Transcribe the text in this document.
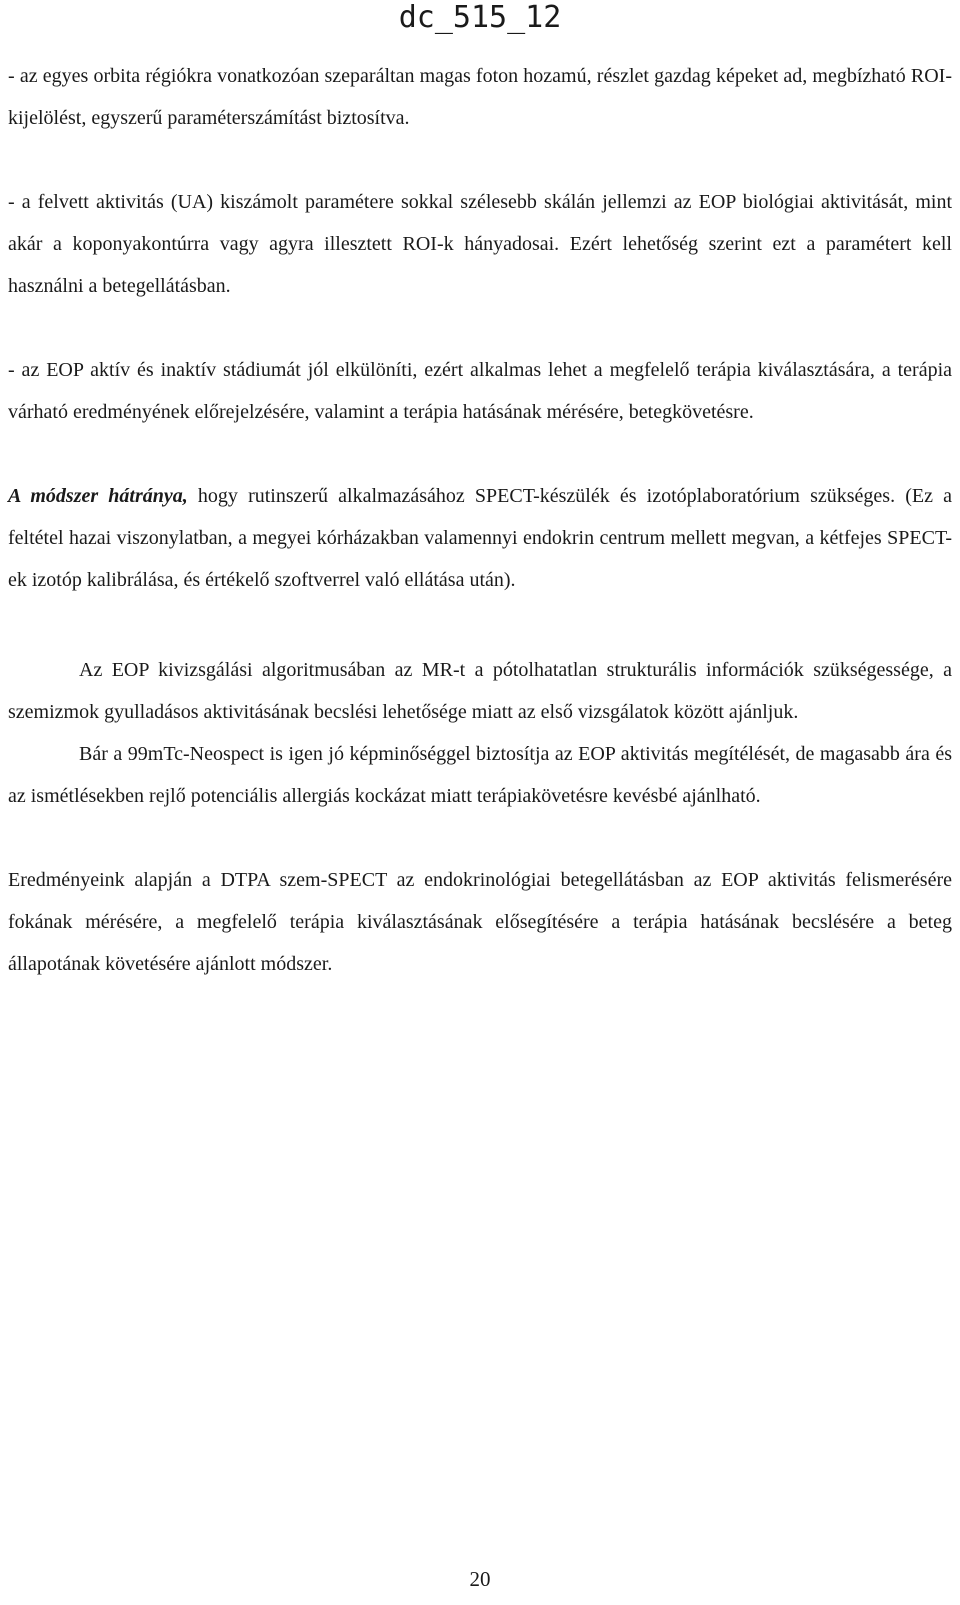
dc_515_12

- az egyes orbita régiókra vonatkozóan szeparáltan magas foton hozamú, részlet gazdag képeket ad, megbízható ROI-kijelölést, egyszerű paraméterszámítást biztosítva.

- a felvett aktivitás (UA) kiszámolt paramétere sokkal szélesebb skálán jellemzi az EOP biológiai aktivitását, mint akár a koponyakontúrra vagy agyra illesztett ROI-k hányadosai. Ezért lehetőség szerint ezt a paramétert kell használni a betegellátásban.

- az EOP aktív és inaktív stádiumát jól elkülöníti, ezért alkalmas lehet a megfelelő terápia kiválasztására, a terápia várható eredményének előrejelzésére, valamint a terápia hatásának mérésére, betegkövetésre.

A módszer hátránya, hogy rutinszerű alkalmazásához SPECT-készülék és izotóplaboratórium szükséges. (Ez a feltétel hazai viszonylatban, a megyei kórházakban valamennyi endokrin centrum mellett megvan, a kétfejes SPECT-ek izotóp kalibrálása, és értékelő szoftverrel való ellátása után).

Az EOP kivizsgálási algoritmusában az MR-t a pótolhatatlan strukturális információk szükségessége, a szemizmok gyulladásos aktivitásának becslési lehetősége miatt az első vizsgálatok között ajánljuk.

Bár a 99mTc-Neospect is igen jó képminőséggel biztosítja az EOP aktivitás megítélését, de magasabb ára és az ismétlésekben rejlő potenciális allergiás kockázat miatt terápiakövetésre kevésbé ajánlható.

Eredményeink alapján a DTPA szem-SPECT az endokrinológiai betegellátásban az EOP aktivitás felismerésére fokának mérésére, a megfelelő terápia kiválasztásának elősegítésére a terápia hatásának becslésére a beteg állapotának követésére ajánlott módszer.

20
